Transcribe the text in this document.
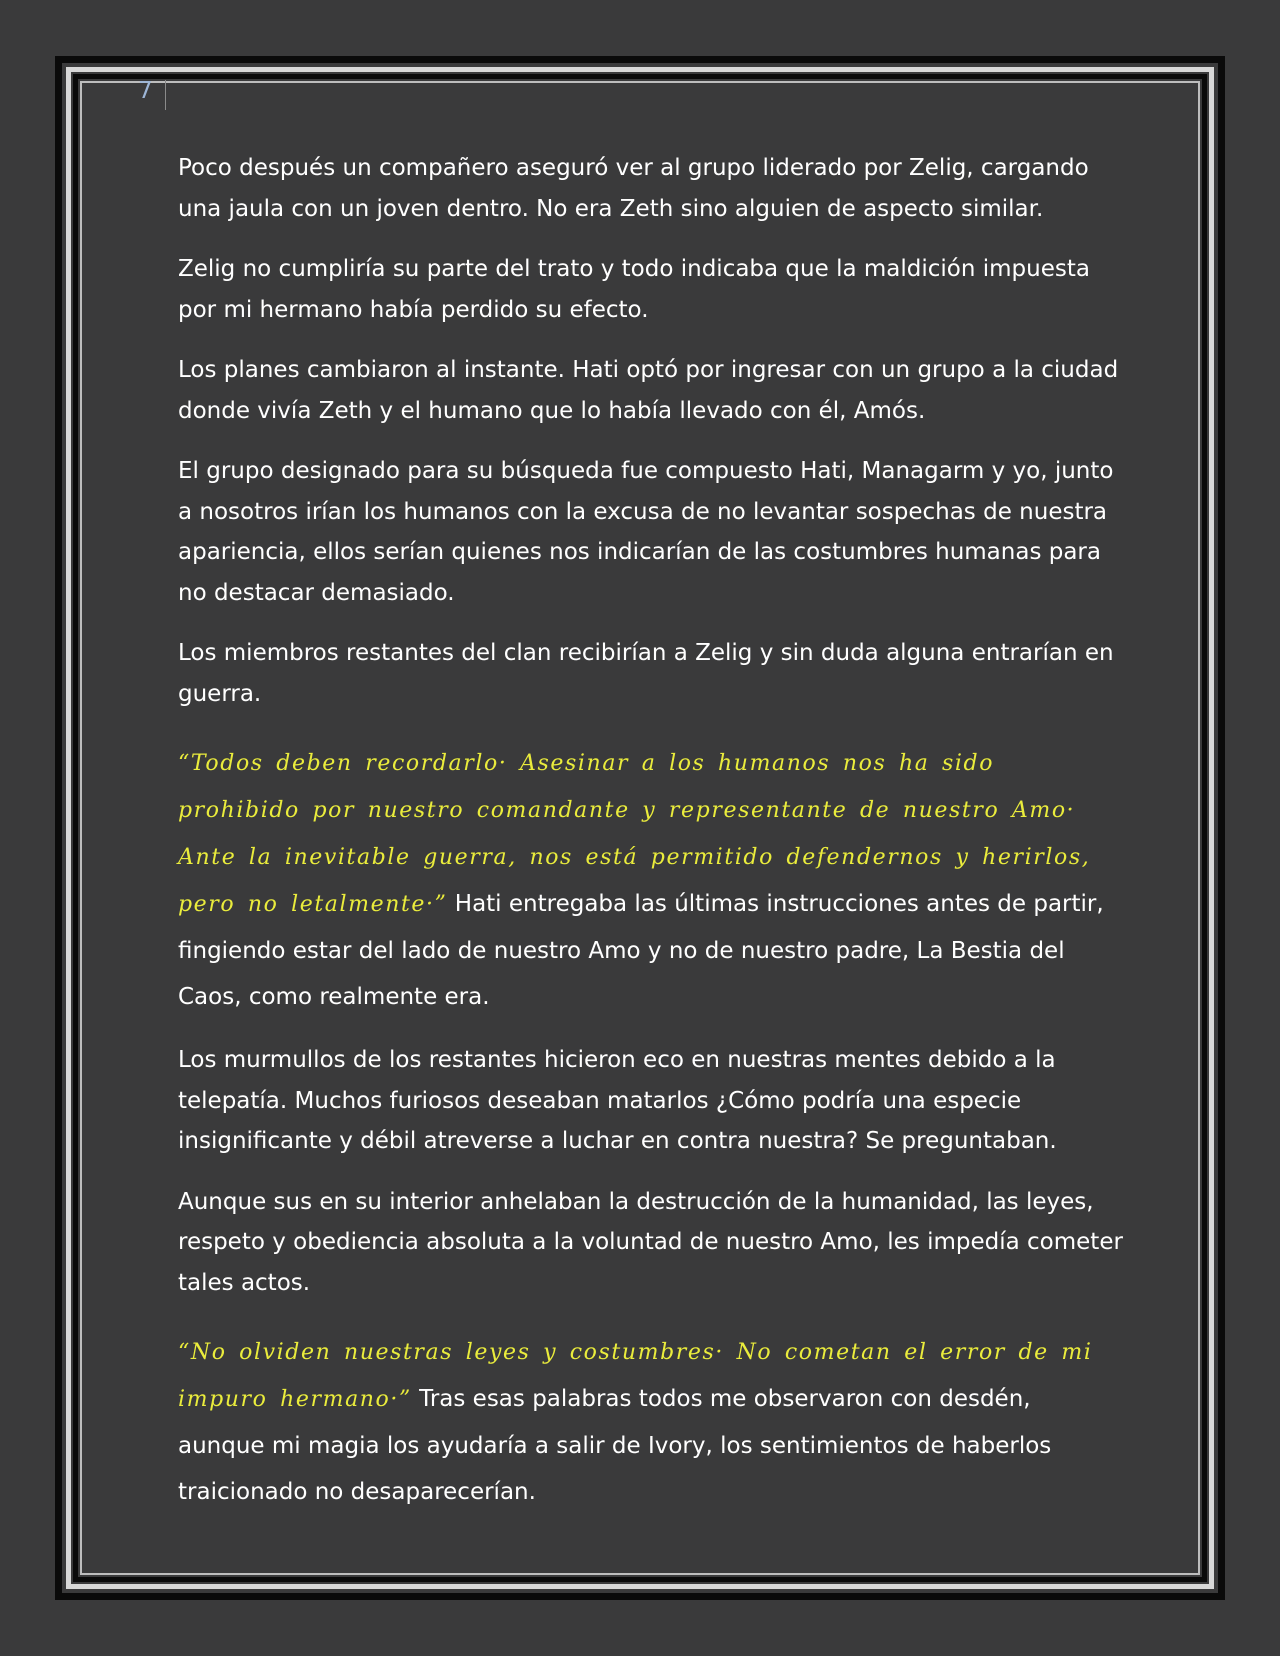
7

Poco después un compañero aseguró ver al grupo liderado por Zelig, cargando una jaula con un joven dentro. No era Zeth sino alguien de aspecto similar.

Zelig no cumpliría su parte del trato y todo indicaba que la maldición impuesta por mi hermano había perdido su efecto.

Los planes cambiaron al instante. Hati optó por ingresar con un grupo a la ciudad donde vivía Zeth y el humano que lo había llevado con él, Amós.

El grupo designado para su búsqueda fue compuesto Hati, Managarm y yo, junto a nosotros irían los humanos con la excusa de no levantar sospechas de nuestra apariencia, ellos serían quienes nos indicarían de las costumbres humanas para no destacar demasiado.

Los miembros restantes del clan recibirían a Zelig y sin duda alguna entrarían en guerra.

“Todos deben recordarlo· Asesinar a los humanos nos ha sido prohibido por nuestro comandante y representante de nuestro Amo· Ante la inevitable guerra, nos está permitido defendernos y herirlos, pero no letalmente·” Hati entregaba las últimas instrucciones antes de partir, fingiendo estar del lado de nuestro Amo y no de nuestro padre, La Bestia del Caos, como realmente era.

Los murmullos de los restantes hicieron eco en nuestras mentes debido a la telepatía. Muchos furiosos deseaban matarlos ¿Cómo podría una especie insignificante y débil atreverse a luchar en contra nuestra? Se preguntaban.

Aunque sus en su interior anhelaban la destrucción de la humanidad, las leyes, respeto y obediencia absoluta a la voluntad de nuestro Amo, les impedía cometer tales actos.

“No olviden nuestras leyes y costumbres· No cometan el error de mi impuro hermano·” Tras esas palabras todos me observaron con desdén, aunque mi magia los ayudaría a salir de Ivory, los sentimientos de haberlos traicionado no desaparecerían.
